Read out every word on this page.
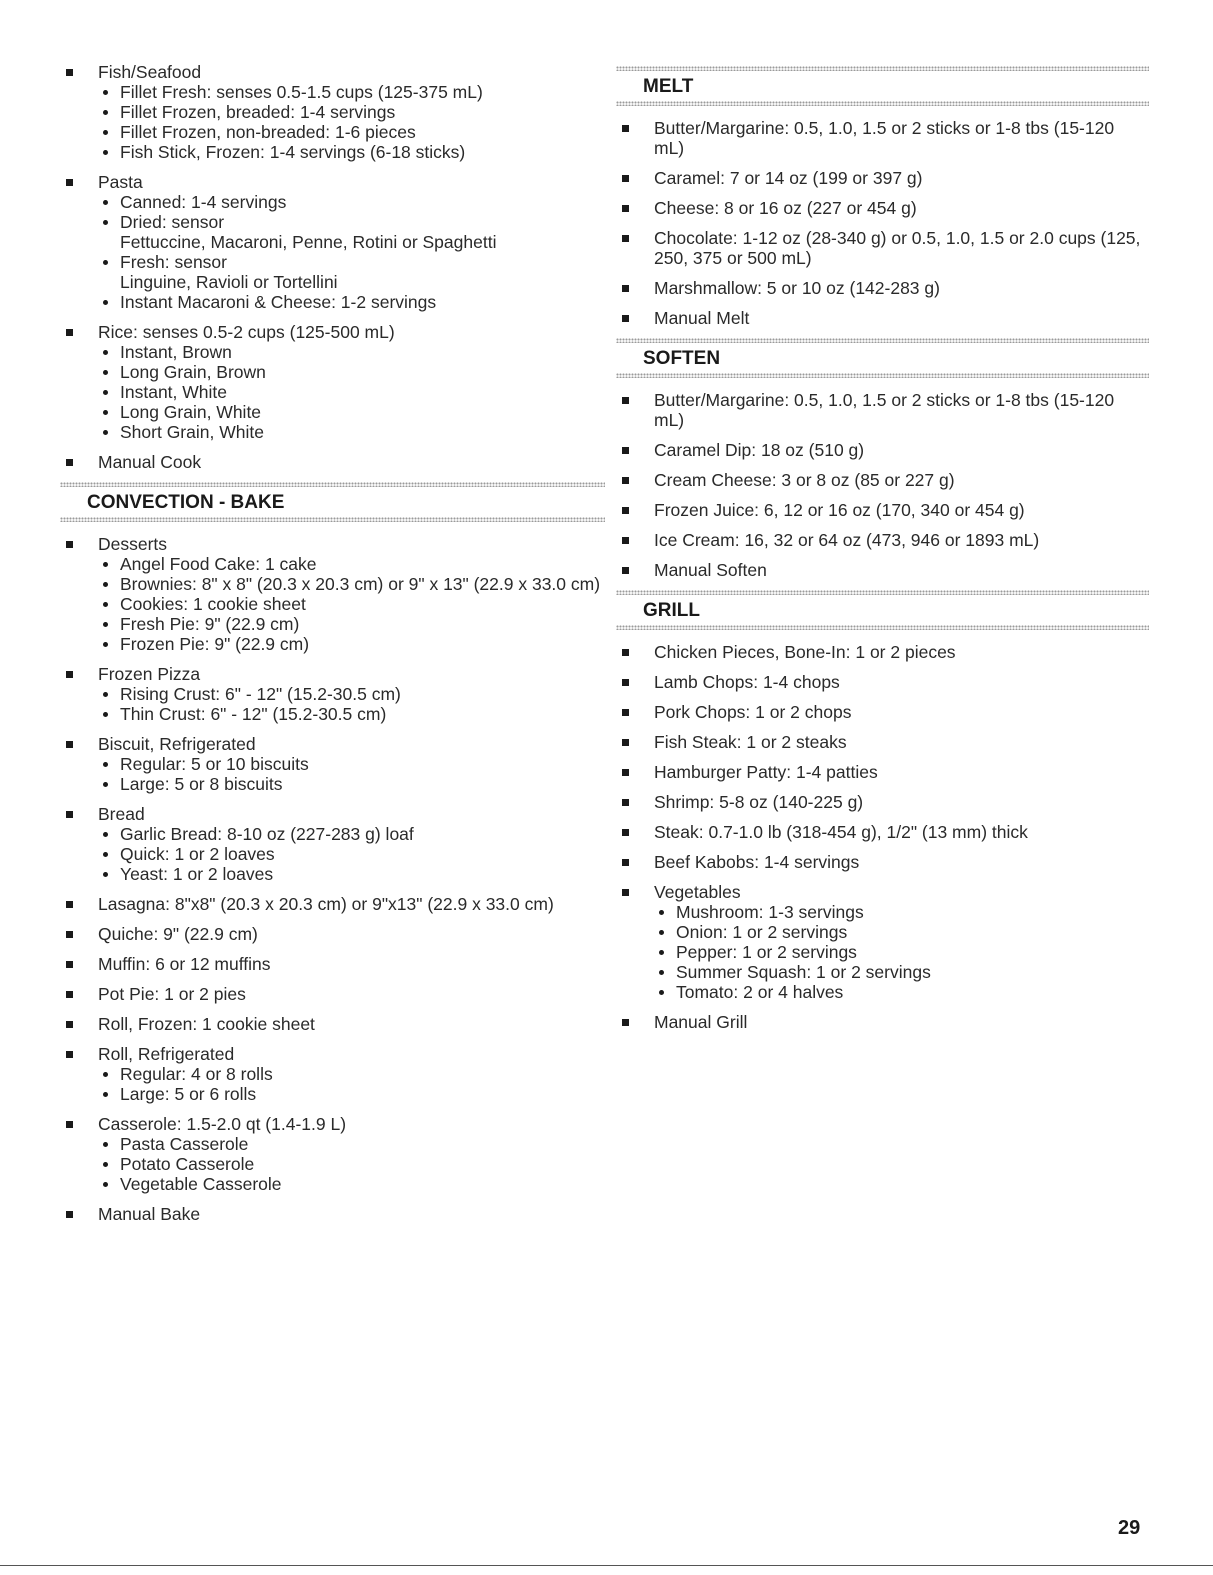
Fish/Seafood
Fillet Fresh: senses 0.5-1.5 cups (125-375 mL)
Fillet Frozen, breaded: 1-4 servings
Fillet Frozen, non-breaded: 1-6 pieces
Fish Stick, Frozen: 1-4 servings (6-18 sticks)
Pasta
Canned: 1-4 servings
Dried: sensor
Fettuccine, Macaroni, Penne, Rotini or Spaghetti
Fresh: sensor
Linguine, Ravioli or Tortellini
Instant Macaroni & Cheese: 1-2 servings
Rice: senses 0.5-2 cups (125-500 mL)
Instant, Brown
Long Grain, Brown
Instant, White
Long Grain, White
Short Grain, White
Manual Cook
CONVECTION - BAKE
Desserts
Angel Food Cake: 1 cake
Brownies: 8" x 8" (20.3 x 20.3 cm) or 9" x 13" (22.9 x 33.0 cm)
Cookies: 1 cookie sheet
Fresh Pie: 9" (22.9 cm)
Frozen Pie: 9" (22.9 cm)
Frozen Pizza
Rising Crust: 6" - 12" (15.2-30.5 cm)
Thin Crust: 6" - 12" (15.2-30.5 cm)
Biscuit, Refrigerated
Regular: 5 or 10 biscuits
Large: 5 or 8 biscuits
Bread
Garlic Bread: 8-10 oz (227-283 g) loaf
Quick: 1 or 2 loaves
Yeast: 1 or 2 loaves
Lasagna: 8"x8" (20.3 x 20.3 cm) or 9"x13" (22.9 x 33.0 cm)
Quiche: 9" (22.9 cm)
Muffin: 6 or 12 muffins
Pot Pie: 1 or 2 pies
Roll, Frozen: 1 cookie sheet
Roll, Refrigerated
Regular: 4 or 8 rolls
Large: 5 or 6 rolls
Casserole: 1.5-2.0 qt (1.4-1.9 L)
Pasta Casserole
Potato Casserole
Vegetable Casserole
Manual Bake
MELT
Butter/Margarine: 0.5, 1.0, 1.5 or 2 sticks or 1-8 tbs (15-120 mL)
Caramel: 7 or 14 oz (199 or 397 g)
Cheese: 8 or 16 oz (227 or 454 g)
Chocolate: 1-12 oz (28-340 g) or 0.5, 1.0, 1.5 or 2.0 cups (125, 250, 375 or 500 mL)
Marshmallow: 5 or 10 oz (142-283 g)
Manual Melt
SOFTEN
Butter/Margarine: 0.5, 1.0, 1.5 or 2 sticks or 1-8 tbs (15-120 mL)
Caramel Dip: 18 oz (510 g)
Cream Cheese: 3 or 8 oz (85 or 227 g)
Frozen Juice: 6, 12 or 16 oz (170, 340 or 454 g)
Ice Cream: 16, 32 or 64 oz (473, 946 or 1893 mL)
Manual Soften
GRILL
Chicken Pieces, Bone-In: 1 or 2 pieces
Lamb Chops: 1-4 chops
Pork Chops: 1 or 2 chops
Fish Steak: 1 or 2 steaks
Hamburger Patty: 1-4 patties
Shrimp: 5-8 oz (140-225 g)
Steak: 0.7-1.0 lb (318-454 g), 1/2" (13 mm) thick
Beef Kabobs: 1-4 servings
Vegetables
Mushroom: 1-3 servings
Onion: 1 or 2 servings
Pepper: 1 or 2 servings
Summer Squash: 1 or 2 servings
Tomato: 2 or 4 halves
Manual Grill
29
